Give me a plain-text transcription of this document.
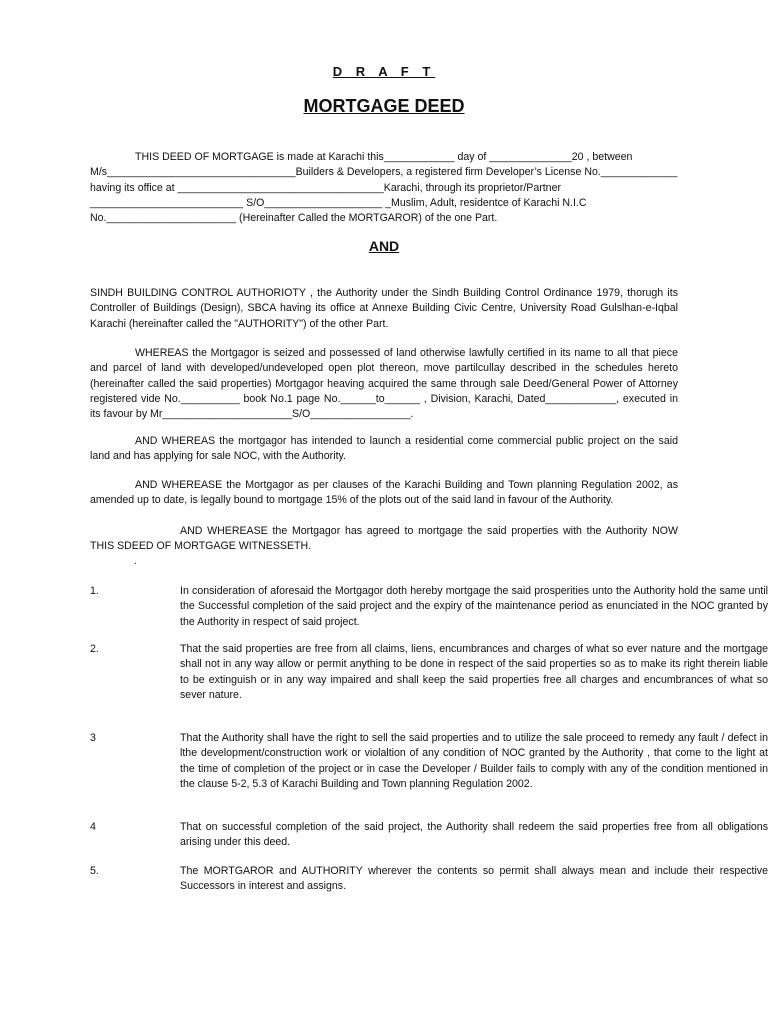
D R A F T
MORTGAGE DEED
THIS DEED OF MORTGAGE is made at Karachi this____________ day of ______________20 , between
M/s________________________________Builders & Developers, a registered firm Developer’s License No._____________
having its office at ___________________________________Karachi, through its proprietor/Partner
__________________________ S/O____________________ _Muslim, Adult, residentce of Karachi N.I.C
No.______________________ (Hereinafter Called the MORTGAROR) of the one Part.
AND

SINDH BUILDING CONTROL AUTHORIOTY , the Authority under the Sindh Building Control Ordinance 1979, thorugh its Controller of Buildings (Design), SBCA having its office at Annexe Building Civic Centre, University Road Gulslhan-e-Iqbal Karachi (hereinafter called the "AUTHORITY") of the other Part.

WHEREAS the Mortgagor is seized and possessed of land otherwise lawfully certified in its name to all that piece and parcel of land with developed/undeveloped open plot thereon, move partilcullay described in the schedules hereto (hereinafter called the said properties) Mortgagor heaving acquired the same through sale Deed/General Power of Attorney registered vide No.__________ book No.1 page No.______to______ , Division, Karachi, Dated____________, executed in its favour by Mr______________________S/O_________________.

AND WHEREAS the mortgagor has intended to launch a residential come commercial public project on the said land and has applying for sale NOC, with the Authority.

AND WHEREASE the Mortgagor as per clauses of the Karachi Building and Town planning Regulation 2002, as amended up to date, is legally bound to mortgage 15% of the plots out of the said land in favour of the Authority.

AND WHEREASE the Mortgagor has agreed to mortgage the said properties with the Authority NOW THIS SDEED OF MORTGAGE WITNESSETH.

.
1.	In consideration of aforesaid the Mortgagor doth hereby mortgage the said prosperities unto the Authority hold the same until the Successful completion of the said project and the expiry of the maintenance period as enunciated in the NOC granted by the Authority in respect of said project.

2.	That the said properties are free from all claims, liens, encumbrances and charges of what so ever nature and the mortgage shall not in any way allow or permit anything to be done in respect of the said properties so as to make its right therein liable to be extinguish or in any way impaired and shall keep the said properties free all charges and encumbrances of what so sever nature.

3	That the Authority shall have the right to sell the said properties and to utilize the sale proceed to remedy any fault / defect in lthe development/construction work or violaltion of any condition of NOC granted by the Authority , that come to the light at the time of completion of the project or in case the Developer / Builder fails to comply with any of the condition mentioned in the clause 5-2, 5.3 of Karachi Building and Town planning Regulation 2002.

4	That on successful completion of the said project, the Authority shall redeem the said properties free from all obligations arising under this deed.

5.	The MORTGAROR and AUTHORITY wherever the contents so permit shall always mean and include their respective Successors in interest and assigns.
